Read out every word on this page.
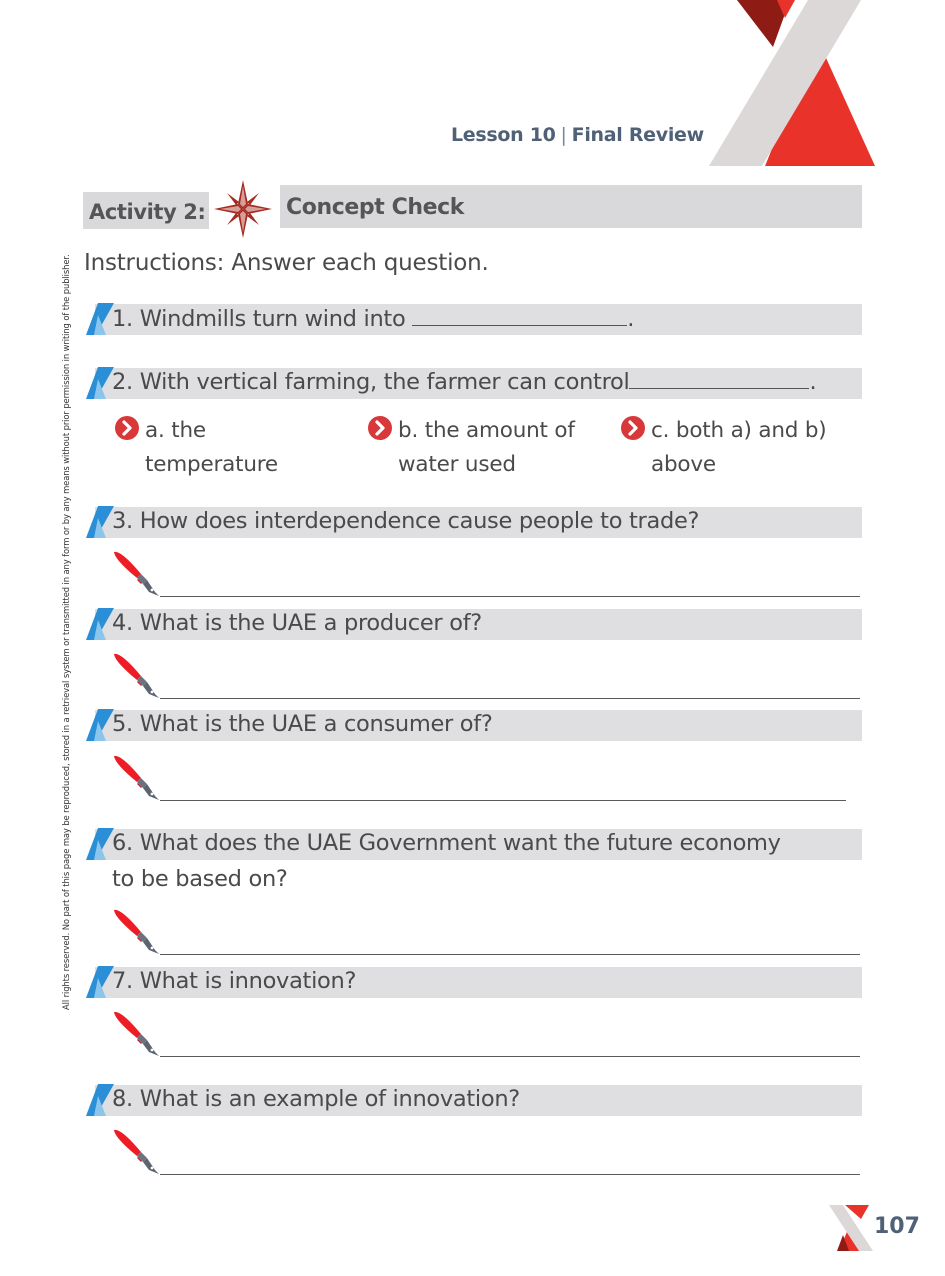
Lesson 10 | Final Review
Activity 2:	Concept Check
Instructions: Answer each question.
All rights reserved. No part of this page may be reproduced, stored in a retrieval system or transmitted in any form or by any means without prior permission in writing of the publisher. 1. Windmills turn wind into	.
2. With vertical farming, the farmer can control	.
a. the
temperature
b. the amount of
water used
c. both a) and b)
above
3. How does interdependence cause people to trade?
4. What is the UAE a producer of?
5. What is the UAE a consumer of?
6. What does the UAE Government want the future economy
to be based on?
7. What is innovation?
8. What is an example of innovation?
107
